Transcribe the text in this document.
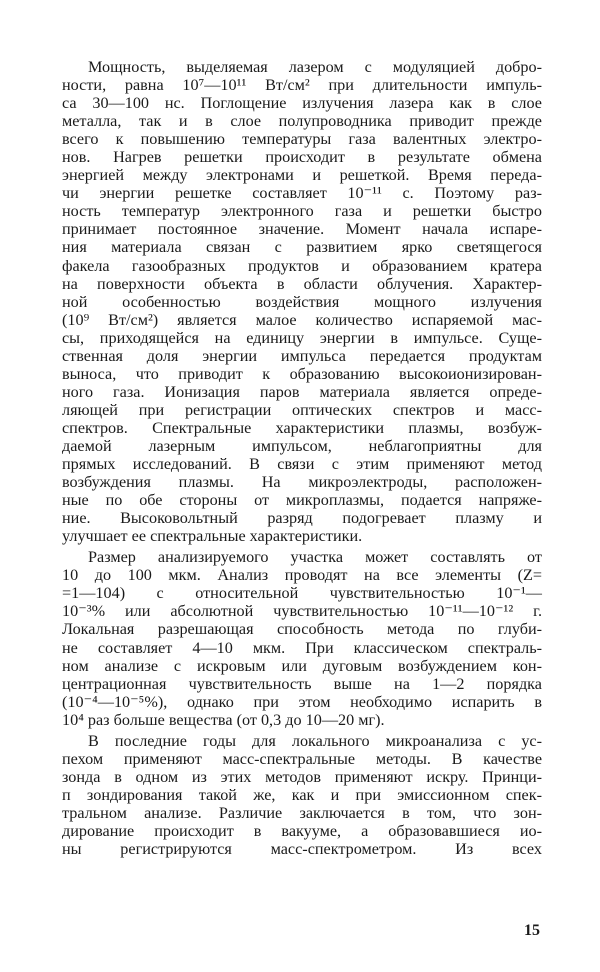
Мощность, выделяемая лазером с модуляцией добро-
ности, равна 10⁷—10¹¹ Вт/см² при длительности импуль-
са 30—100 нс. Поглощение излучения лазера как в слое
металла, так и в слое полупроводника приводит прежде
всего к повышению температуры газа валентных электро-
нов. Нагрев решетки происходит в результате обмена
энергией между электронами и решеткой. Время переда-
чи энергии решетке составляет 10⁻¹¹ с. Поэтому раз-
ность температур электронного газа и решетки быстро
принимает постоянное значение. Момент начала испаре-
ния материала связан с развитием ярко светящегося
факела газообразных продуктов и образованием кратера
на поверхности объекта в области облучения. Характер-
ной особенностью воздействия мощного излучения
(10⁹ Вт/см²) является малое количество испаряемой мас-
сы, приходящейся на единицу энергии в импульсе. Суще-
ственная доля энергии импульса передается продуктам
выноса, что приводит к образованию высокоионизирован-
ного газа. Ионизация паров материала является опреде-
ляющей при регистрации оптических спектров и масс-
спектров. Спектральные характеристики плазмы, возбуж-
даемой лазерным импульсом, неблагоприятны для
прямых исследований. В связи с этим применяют метод
возбуждения плазмы. На микроэлектроды, расположен-
ные по обе стороны от микроплазмы, подается напряже-
ние. Высоковольтный разряд подогревает плазму и
улучшает ее спектральные характеристики.
Размер анализируемого участка может составлять от
10 до 100 мкм. Анализ проводят на все элементы (Z=
=1—104) с относительной чувствительностью 10⁻¹—
10⁻³% или абсолютной чувствительностью 10⁻¹¹—10⁻¹² г.
Локальная разрешающая способность метода по глуби-
не составляет 4—10 мкм. При классическом спектраль-
ном анализе с искровым или дуговым возбуждением кон-
центрационная чувствительность выше на 1—2 порядка
(10⁻⁴—10⁻⁵%), однако при этом необходимо испарить в
10⁴ раз больше вещества (от 0,3 до 10—20 мг).
В последние годы для локального микроанализа с ус-
пехом применяют масс-спектральные методы. В качестве
зонда в одном из этих методов применяют искру. Принци-
п зондирования такой же, как и при эмиссионном спек-
тральном анализе. Различие заключается в том, что зон-
дирование происходит в вакууме, а образовавшиеся ио-
ны регистрируются масс-спектрометром. Из всех
15
